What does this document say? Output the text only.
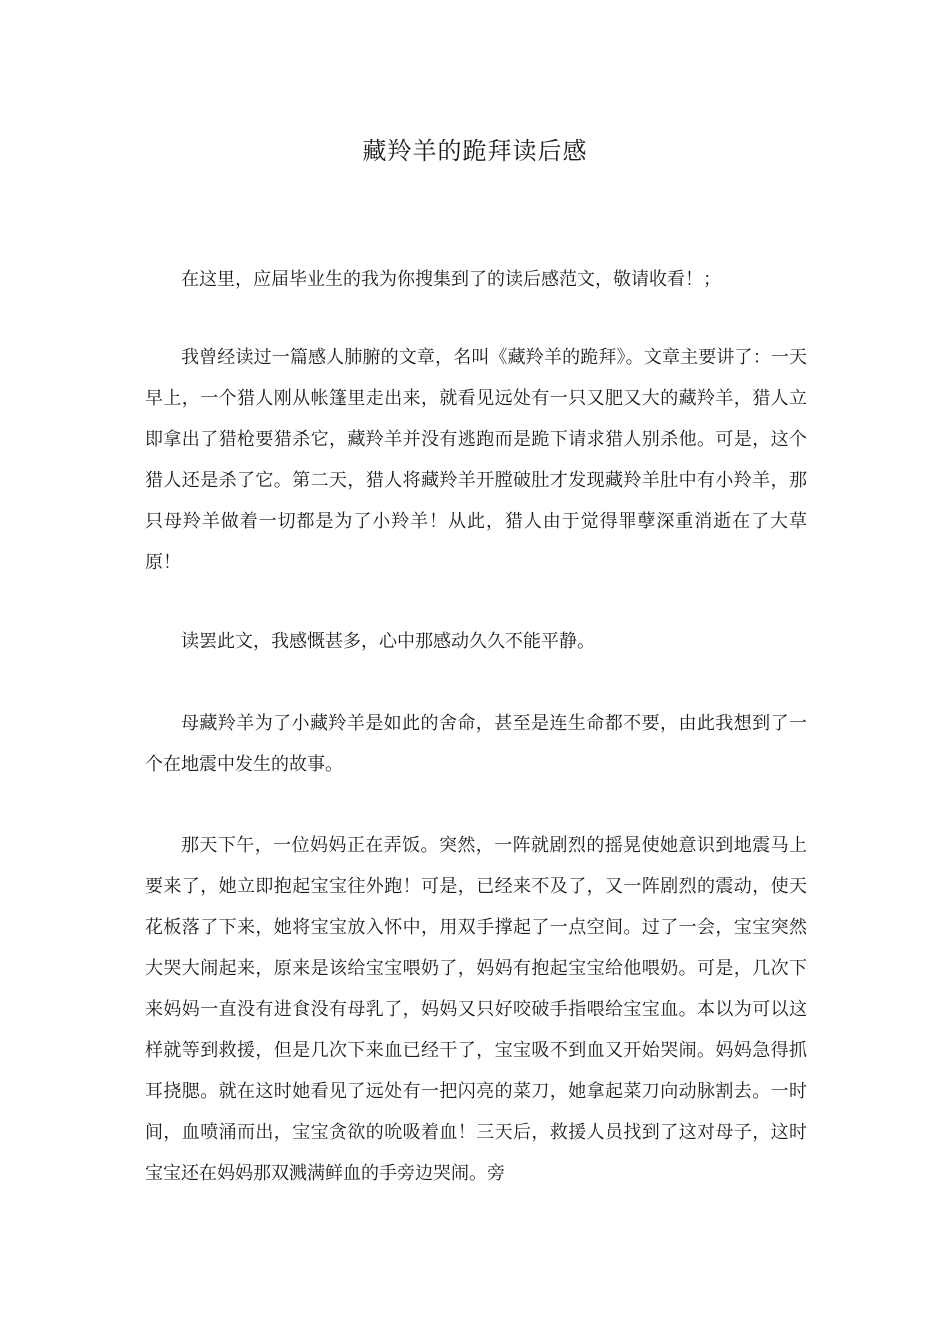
藏羚羊的跪拜读后感

在这里，应届毕业生的我为你搜集到了的读后感范文，敬请收看！；

我曾经读过一篇感人肺腑的文章，名叫《藏羚羊的跪拜》。文章主要讲了：一天早上，一个猎人刚从帐篷里走出来，就看见远处有一只又肥又大的藏羚羊，猎人立即拿出了猎枪要猎杀它，藏羚羊并没有逃跑而是跪下请求猎人别杀他。可是，这个猎人还是杀了它。第二天，猎人将藏羚羊开膛破肚才发现藏羚羊肚中有小羚羊，那只母羚羊做着一切都是为了小羚羊！从此，猎人由于觉得罪孽深重消逝在了大草原！

读罢此文，我感慨甚多，心中那感动久久不能平静。

母藏羚羊为了小藏羚羊是如此的舍命，甚至是连生命都不要，由此我想到了一个在地震中发生的故事。

那天下午，一位妈妈正在弄饭。突然，一阵就剧烈的摇晃使她意识到地震马上要来了，她立即抱起宝宝往外跑！可是，已经来不及了，又一阵剧烈的震动，使天花板落了下来，她将宝宝放入怀中，用双手撑起了一点空间。过了一会，宝宝突然大哭大闹起来，原来是该给宝宝喂奶了，妈妈有抱起宝宝给他喂奶。可是，几次下来妈妈一直没有进食没有母乳了，妈妈又只好咬破手指喂给宝宝血。本以为可以这样就等到救援，但是几次下来血已经干了，宝宝吸不到血又开始哭闹。妈妈急得抓耳挠腮。就在这时她看见了远处有一把闪亮的菜刀，她拿起菜刀向动脉割去。一时间，血喷涌而出，宝宝贪欲的吮吸着血！三天后，救援人员找到了这对母子，这时宝宝还在妈妈那双溅满鲜血的手旁边哭闹。旁
